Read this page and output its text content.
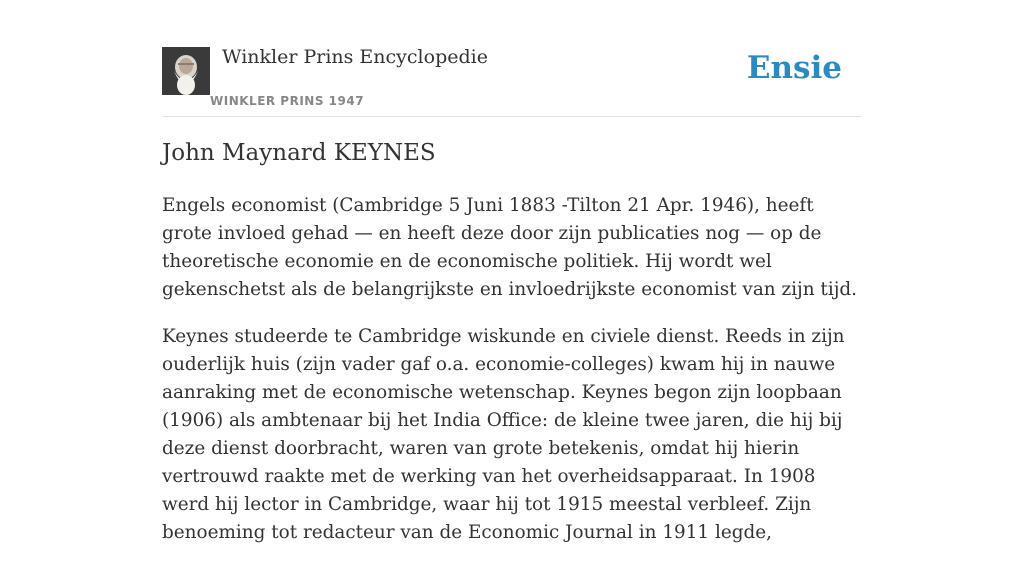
Winkler Prins Encyclopedie
WINKLER PRINS 1947
Ensie
John Maynard KEYNES

Engels economist (Cambridge 5 Juni 1883 -Tilton 21 Apr. 1946), heeft grote invloed gehad — en heeft deze door zijn publicaties nog — op de theoretische economie en de economische politiek. Hij wordt wel gekenschetst als de belangrijkste en invloedrijkste economist van zijn tijd.

Keynes studeerde te Cambridge wiskunde en civiele dienst. Reeds in zijn ouderlijk huis (zijn vader gaf o.a. economie-colleges) kwam hij in nauwe aanraking met de economische wetenschap. Keynes begon zijn loopbaan (1906) als ambtenaar bij het India Office: de kleine twee jaren, die hij bij deze dienst doorbracht, waren van grote betekenis, omdat hij hierin vertrouwd raakte met de werking van het overheidsapparaat. In 1908 werd hij lector in Cambridge, waar hij tot 1915 meestal verbleef. Zijn benoeming tot redacteur van de Economic Journal in 1911 legde,
